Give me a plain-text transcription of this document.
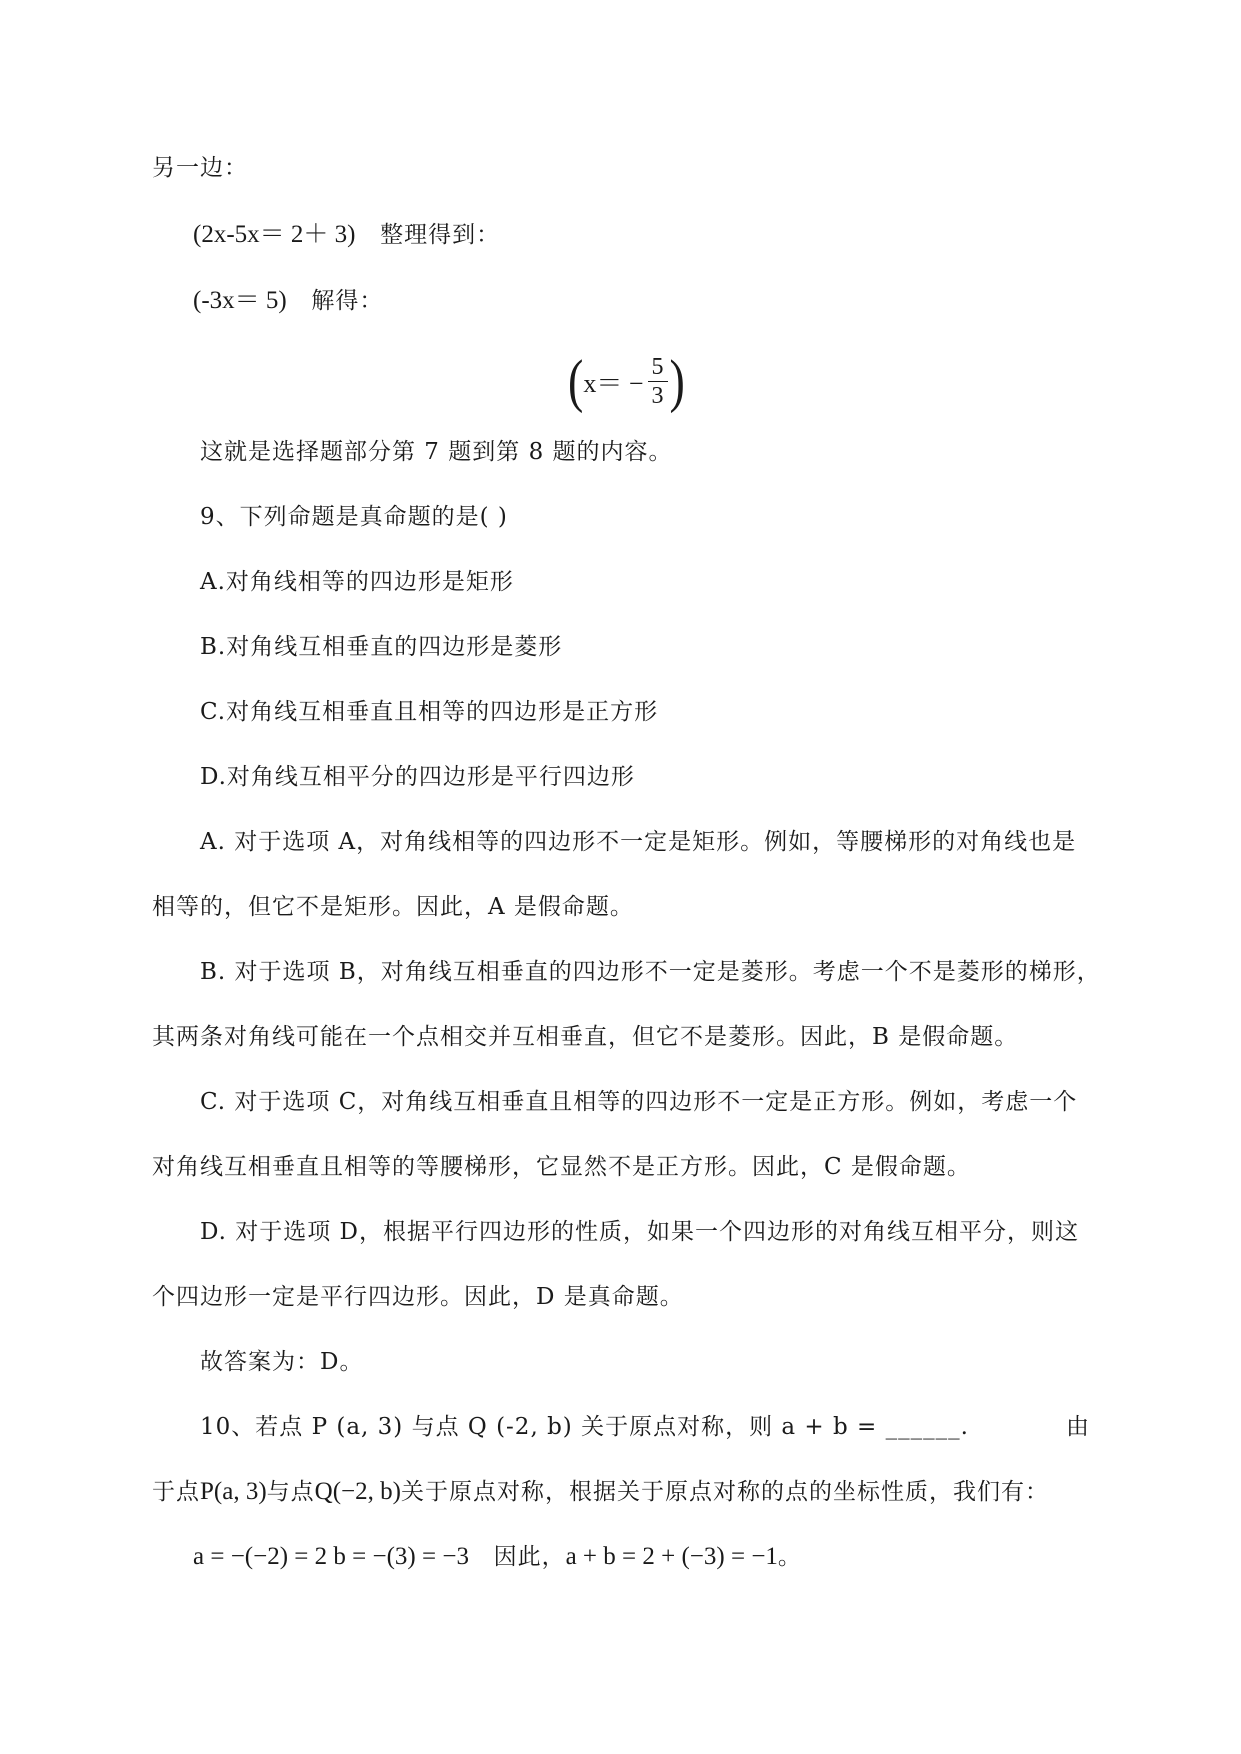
另一边：
(2x-5x＝ 2＋ 3) 整理得到：
(-3x＝ 5) 解得：
( $x= - \frac{5}{3}$ )
这就是选择题部分第 7 题到第 8 题的内容。
9、下列命题是真命题的是( )
A.对角线相等的四边形是矩形
B.对角线互相垂直的四边形是菱形
C.对角线互相垂直且相等的四边形是正方形
D.对角线互相平分的四边形是平行四边形
A. 对于选项 A，对角线相等的四边形不一定是矩形。例如，等腰梯形的对角线也是
相等的，但它不是矩形。因此，A 是假命题。
B. 对于选项 B，对角线互相垂直的四边形不一定是菱形。考虑一个不是菱形的梯形，
其两条对角线可能在一个点相交并互相垂直，但它不是菱形。因此，B 是假命题。
C. 对于选项 C，对角线互相垂直且相等的四边形不一定是正方形。例如，考虑一个
对角线互相垂直且相等的等腰梯形，它显然不是正方形。因此，C 是假命题。
D. 对于选项 D，根据平行四边形的性质，如果一个四边形的对角线互相平分，则这
个四边形一定是平行四边形。因此，D 是真命题。
故答案为：D。
10、若点 P (a, 3) 与点 Q (-2, b) 关于原点对称，则 a + b = ______.	由
于点P(a, 3)与点Q(−2, b)关于原点对称，根据关于原点对称的点的坐标性质，我们有：
a = −(−2) = 2 b = −(3) = −3 因此，a + b = 2 + (−3) = −1。
